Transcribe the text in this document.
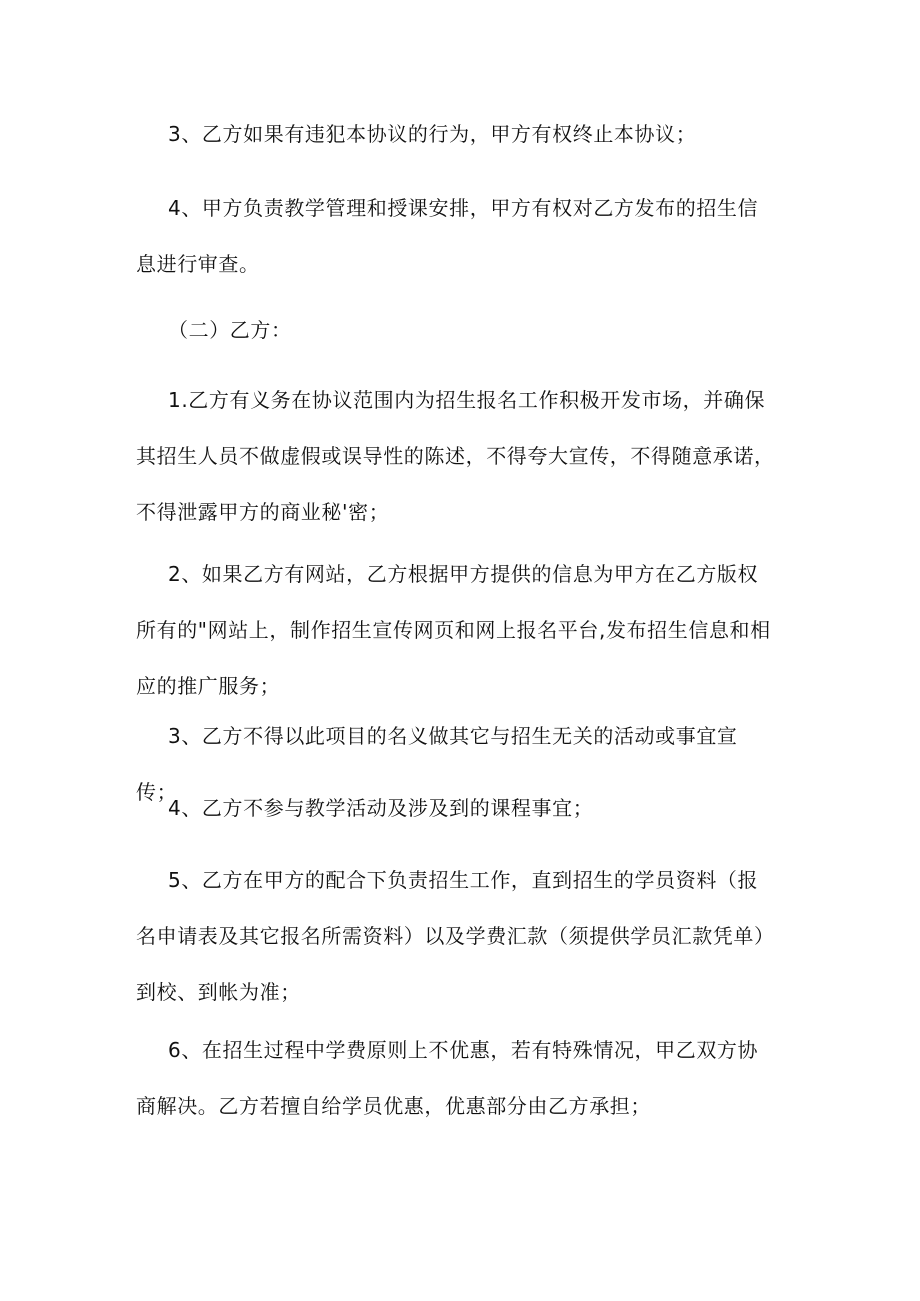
3、乙方如果有违犯本协议的行为，甲方有权终止本协议；

4、甲方负责教学管理和授课安排，甲方有权对乙方发布的招生信息进行审查。

（二）乙方：

1.乙方有义务在协议范围内为招生报名工作积极开发市场，并确保其招生人员不做虚假或误导性的陈述，不得夸大宣传，不得随意承诺，不得泄露甲方的商业秘'密；

2、如果乙方有网站，乙方根据甲方提供的信息为甲方在乙方版权所有的"网站上，制作招生宣传网页和网上报名平台,发布招生信息和相应的推广服务；

3、乙方不得以此项目的名义做其它与招生无关的活动或事宜宣传；

4、乙方不参与教学活动及涉及到的课程事宜；

5、乙方在甲方的配合下负责招生工作，直到招生的学员资料（报名申请表及其它报名所需资料）以及学费汇款（须提供学员汇款凭单）到校、到帐为准；

6、在招生过程中学费原则上不优惠，若有特殊情况，甲乙双方协商解决。乙方若擅自给学员优惠，优惠部分由乙方承担；
